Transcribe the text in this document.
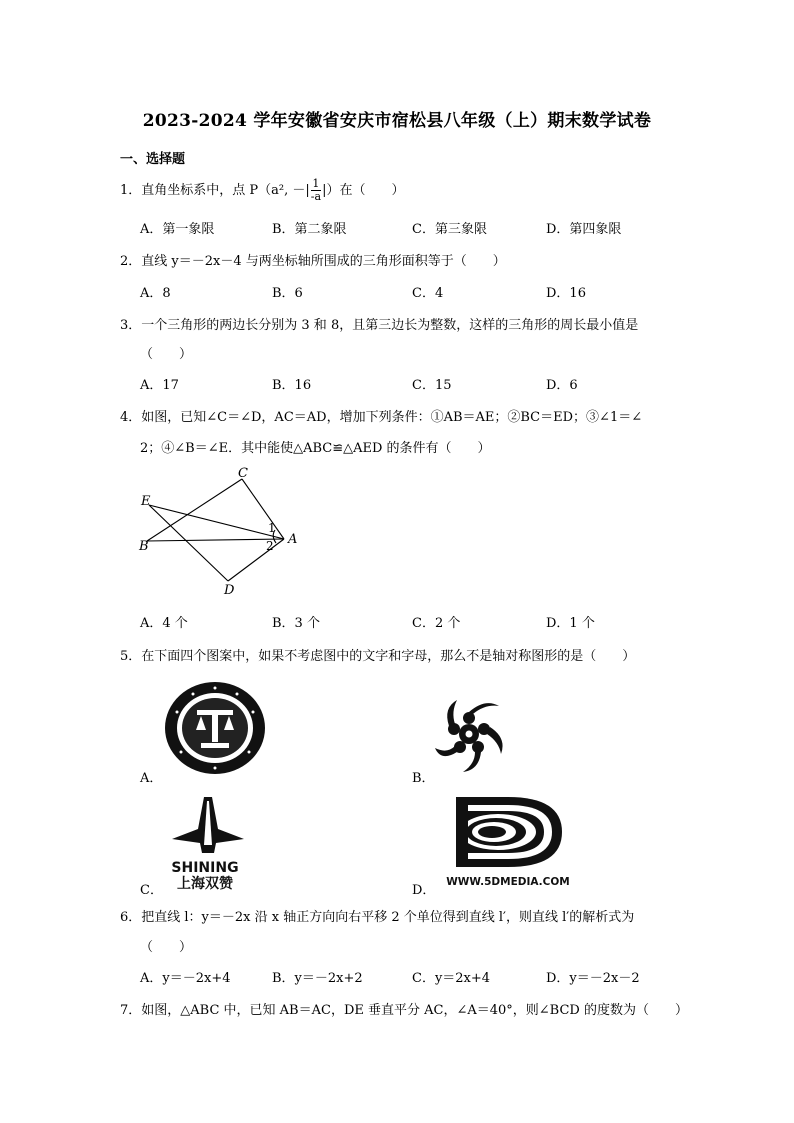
2023-2024 学年安徽省安庆市宿松县八年级（上）期末数学试卷
一、选择题
1．直角坐标系中，点 P（a², －| $\frac{1}{-a}$ |）在（　　）
A．第一象限	B．第二象限	C．第三象限	D．第四象限
2．直线 y＝－2x－4 与两坐标轴所围成的三角形面积等于（　　）
A．8	B．6	C．4	D．16
3．一个三角形的两边长分别为 3 和 8，且第三边长为整数，这样的三角形的周长最小值是
（　　）
A．17	B．16	C．15	D．6
4．如图，已知∠C＝∠D，AC＝AD，增加下列条件：①AB＝AE；②BC＝ED；③∠1＝∠
2；④∠B＝∠E．其中能使△ABC≌△AED 的条件有（　　）
E
C
B	A
D
1
2
A．4 个	B．3 个	C．2 个	D．1 个
5．在下面四个图案中，如果不考虑图中的文字和字母，那么不是轴对称图形的是（　　）
A．	B．
C．
SHINING
上海双赞	D．
WWW.5DMEDIA.COM
6．把直线 l：y＝－2x 沿 x 轴正方向向右平移 2 个单位得到直线 l′，则直线 l′的解析式为
（　　）
A．y＝－2x+4	B．y＝－2x+2	C．y＝2x+4	D．y＝－2x－2
7．如图，△ABC 中，已知 AB＝AC，DE 垂直平分 AC，∠A＝40°，则∠BCD 的度数为（　　）
